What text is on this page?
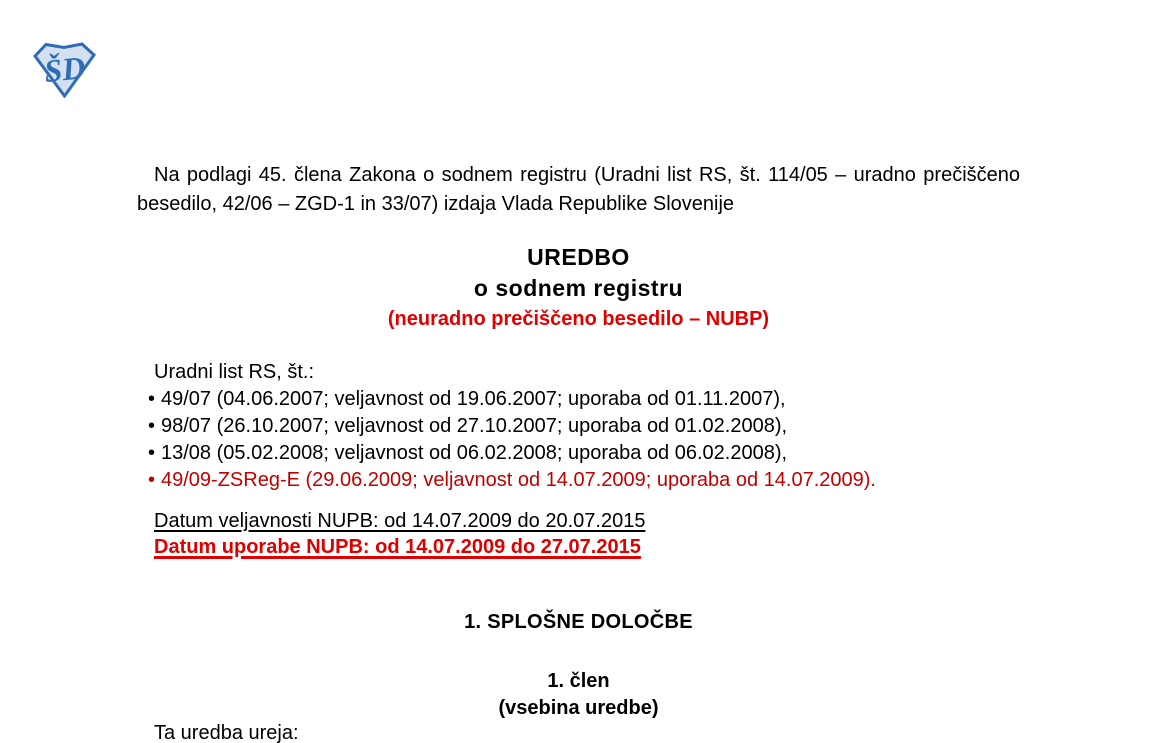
ŠD
Na podlagi 45. člena Zakona o sodnem registru (Uradni list RS, št. 114/05 – uradno prečiščeno besedilo, 42/06 – ZGD-1 in 33/07) izdaja Vlada Republike Slovenije
UREDBO
o sodnem registru
(neuradno prečiščeno besedilo – NUBP)
Uradni list RS, št.:
• 49/07 (04.06.2007; veljavnost od 19.06.2007; uporaba od 01.11.2007),
• 98/07 (26.10.2007; veljavnost od 27.10.2007; uporaba od 01.02.2008),
• 13/08 (05.02.2008; veljavnost od 06.02.2008; uporaba od 06.02.2008),
• 49/09-ZSReg-E (29.06.2009; veljavnost od 14.07.2009; uporaba od 14.07.2009).
Datum veljavnosti NUPB: od 14.07.2009 do 20.07.2015
Datum uporabe NUPB: od 14.07.2009 do 27.07.2015
1. SPLOŠNE DOLOČBE
1. člen
(vsebina uredbe)
Ta uredba ureja:
